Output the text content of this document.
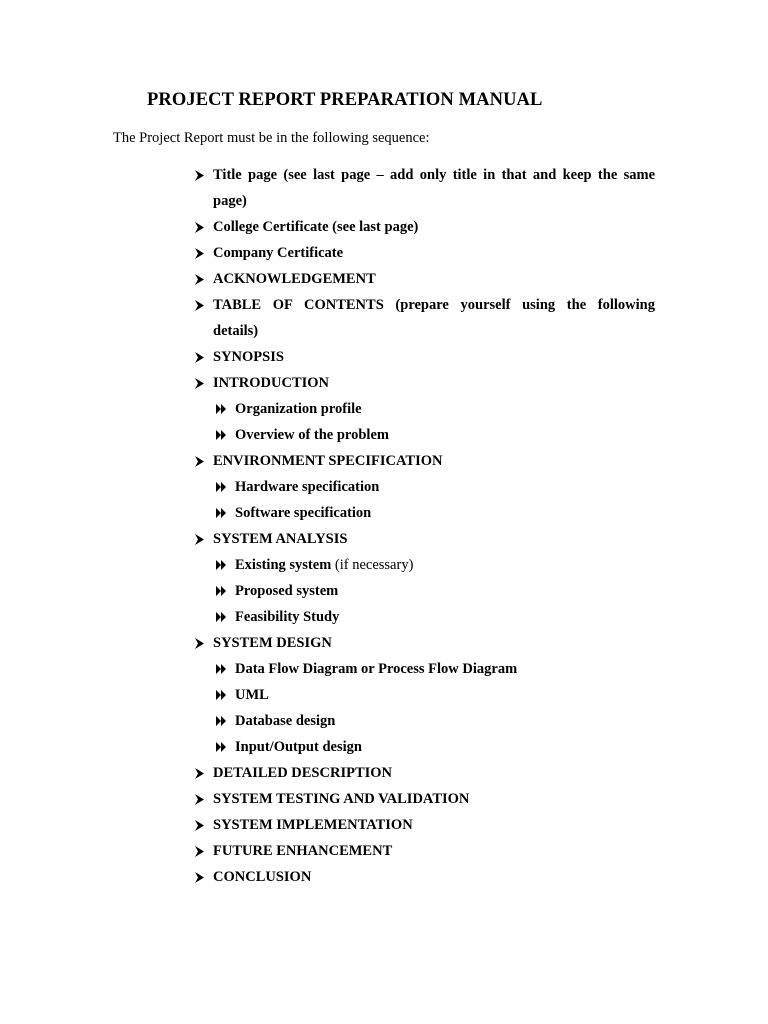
PROJECT REPORT PREPARATION MANUAL
The Project Report must be in the following sequence:
Title page (see last page – add only title in that and keep the same
page)
College Certificate (see last page)
Company Certificate
ACKNOWLEDGEMENT
TABLE OF CONTENTS (prepare yourself using the following
details)
SYNOPSIS
INTRODUCTION
Organization profile
Overview of the problem
ENVIRONMENT SPECIFICATION
Hardware specification
Software specification
SYSTEM ANALYSIS
Existing system (if necessary)
Proposed system
Feasibility Study
SYSTEM DESIGN
Data Flow Diagram or Process Flow Diagram
UML
Database design
Input/Output design
DETAILED DESCRIPTION
SYSTEM TESTING AND VALIDATION
SYSTEM IMPLEMENTATION
FUTURE ENHANCEMENT
CONCLUSION
